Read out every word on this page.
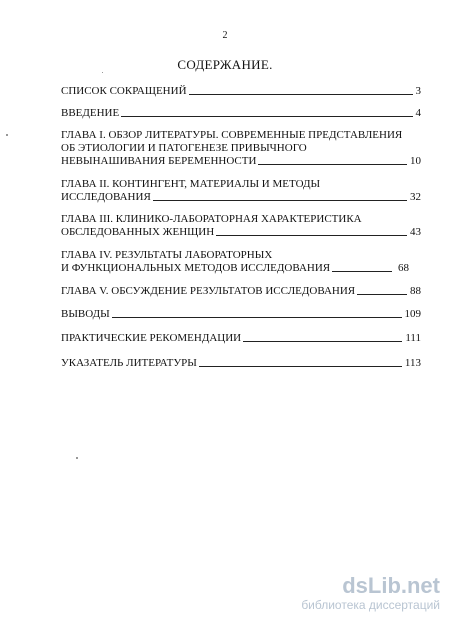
2
СОДЕРЖАНИЕ.
СПИСОК СОКРАЩЕНИЙ	3
ВВЕДЕНИЕ	4
ГЛАВА I. ОБЗОР ЛИТЕРАТУРЫ. СОВРЕМЕННЫЕ ПРЕДСТАВЛЕНИЯ
ОБ ЭТИОЛОГИИ И ПАТОГЕНЕЗЕ ПРИВЫЧНОГО
НЕВЫНАШИВАНИЯ БЕРЕМЕННОСТИ	10
ГЛАВА II. КОНТИНГЕНТ, МАТЕРИАЛЫ И МЕТОДЫ
ИССЛЕДОВАНИЯ	32
ГЛАВА III. КЛИНИКО-ЛАБОРАТОРНАЯ ХАРАКТЕРИСТИКА
ОБСЛЕДОВАННЫХ ЖЕНЩИН	43
ГЛАВА IV. РЕЗУЛЬТАТЫ ЛАБОРАТОРНЫХ
И ФУНКЦИОНАЛЬНЫХ МЕТОДОВ ИССЛЕДОВАНИЯ	68
ГЛАВА V. ОБСУЖДЕНИЕ РЕЗУЛЬТАТОВ ИССЛЕДОВАНИЯ	88
ВЫВОДЫ	109
ПРАКТИЧЕСКИЕ РЕКОМЕНДАЦИИ	111
УКАЗАТЕЛЬ ЛИТЕРАТУРЫ	113
dsLib.net
библиотека диссертаций
